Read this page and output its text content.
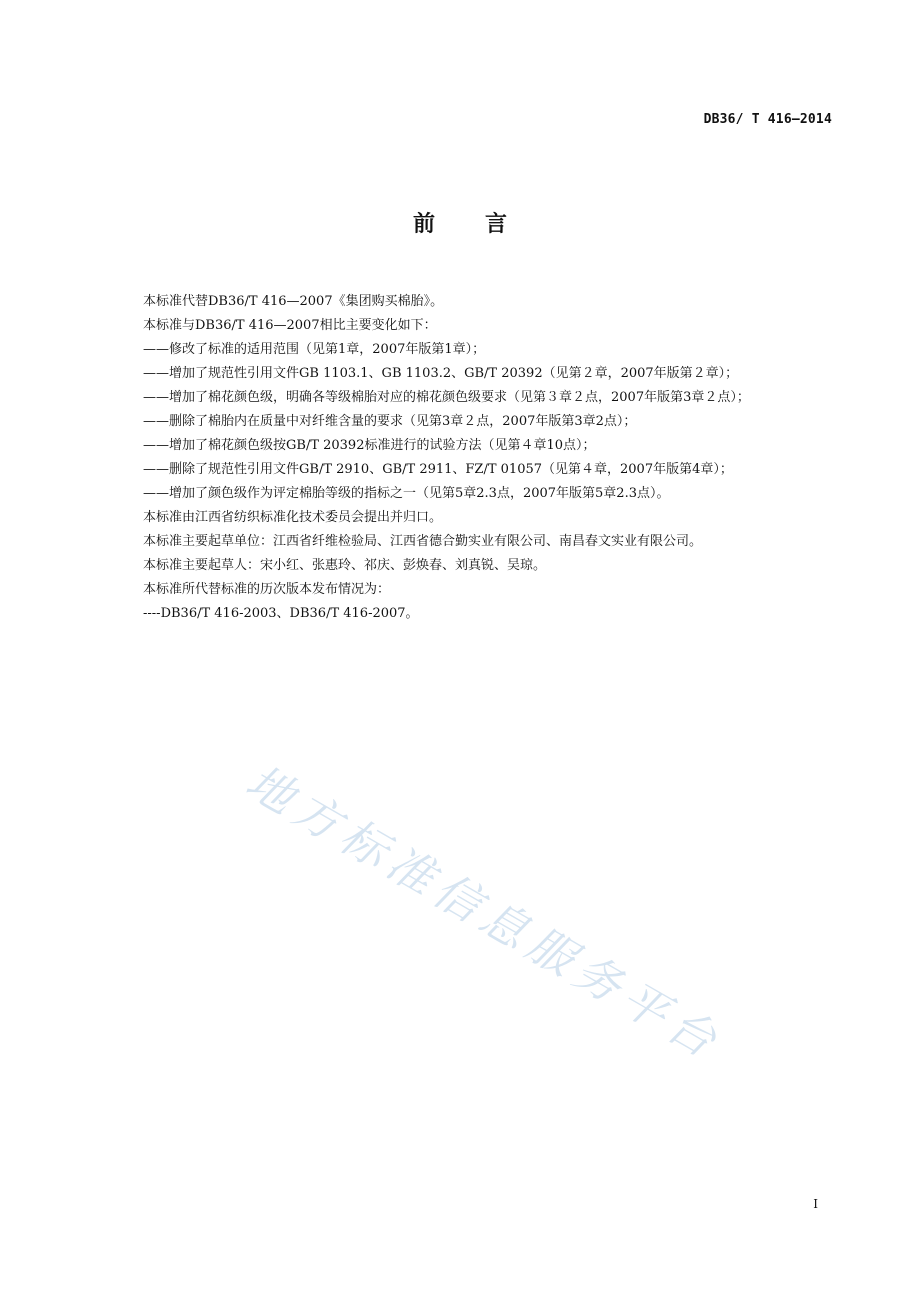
DB36/ T 416—2014
前言

本标准代替DB36/T 416—2007《集团购买棉胎》。

本标准与DB36/T 416—2007相比主要变化如下：

——修改了标准的适用范围（见第1章，2007年版第1章）；

——增加了规范性引用文件GB 1103.1、GB 1103.2、GB/T 20392（见第２章，2007年版第２章）；

——增加了棉花颜色级，明确各等级棉胎对应的棉花颜色级要求（见第３章２点，2007年版第3章２点）；

——删除了棉胎内在质量中对纤维含量的要求（见第3章２点，2007年版第3章2点）；

——增加了棉花颜色级按GB/T 20392标准进行的试验方法（见第４章10点）；

——删除了规范性引用文件GB/T 2910、GB/T 2911、FZ/T 01057（见第４章，2007年版第4章）；

——增加了颜色级作为评定棉胎等级的指标之一（见第5章2.3点，2007年版第5章2.3点）。

本标准由江西省纺织标准化技术委员会提出并归口。

本标准主要起草单位：江西省纤维检验局、江西省德合勤实业有限公司、南昌春文实业有限公司。

本标准主要起草人：宋小红、张惠玲、祁庆、彭焕春、刘真锐、吴琼。

本标准所代替标准的历次版本发布情况为：

----DB36/T 416-2003、DB36/T 416-2007。

地方标准信息服务平台
I
